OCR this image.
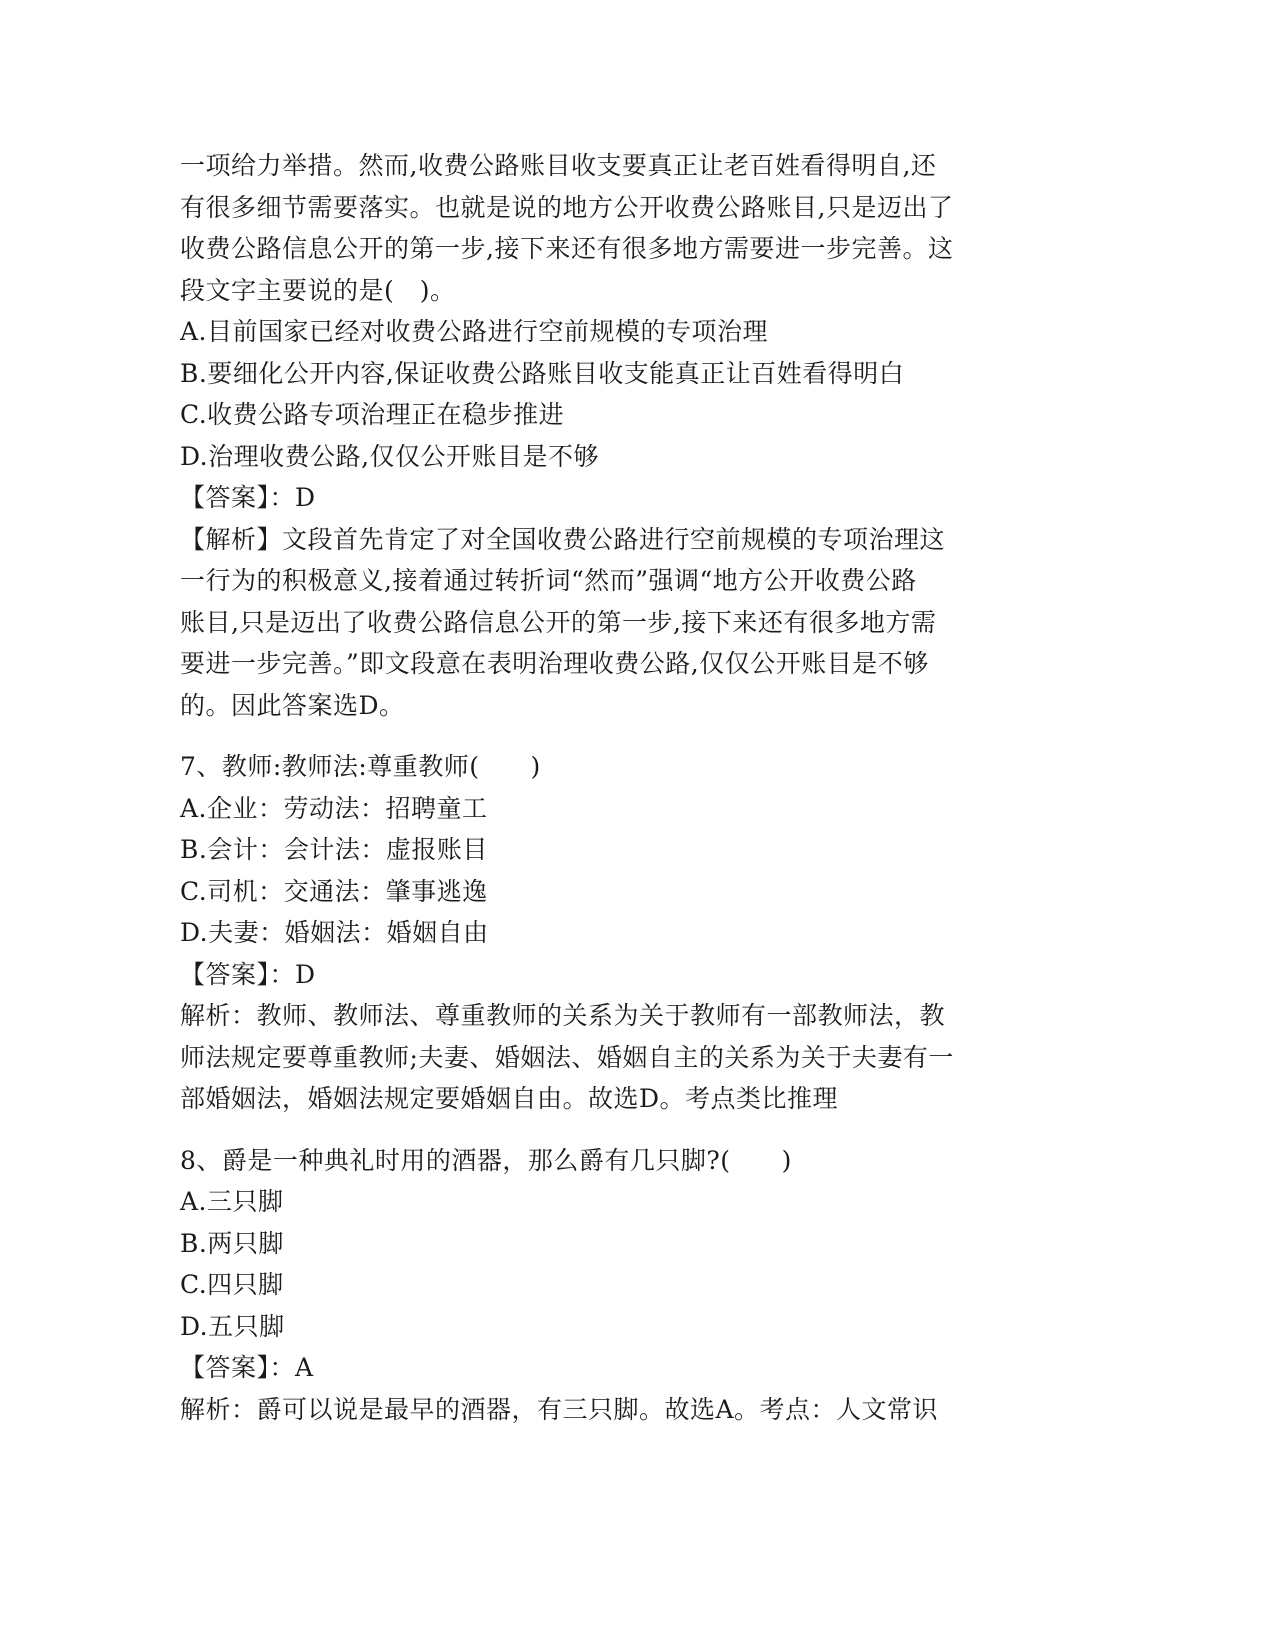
一项给力举措。然而,收费公路账目收支要真正让老百姓看得明自,还
有很多细节需要落实。也就是说的地方公开收费公路账目,只是迈出了
收费公路信息公开的第一步,接下来还有很多地方需要进一步完善。这
段文字主要说的是(　)。
A.目前国家已经对收费公路进行空前规模的专项治理
B.要细化公开内容,保证收费公路账目收支能真正让百姓看得明白
C.收费公路专项治理正在稳步推进
D.治理收费公路,仅仅公开账目是不够
【答案】：D
【解析】文段首先肯定了对全国收费公路进行空前规模的专项治理这
一行为的积极意义,接着通过转折词“然而”强调“地方公开收费公路
账目,只是迈出了收费公路信息公开的第一步,接下来还有很多地方需
要进一步完善。”即文段意在表明治理收费公路,仅仅公开账目是不够
的。因此答案选D。
7、教师:教师法:尊重教师(　　)
A.企业：劳动法：招聘童工
B.会计：会计法：虚报账目
C.司机：交通法：肇事逃逸
D.夫妻：婚姻法：婚姻自由
【答案】：D
解析：教师、教师法、尊重教师的关系为关于教师有一部教师法，教
师法规定要尊重教师;夫妻、婚姻法、婚姻自主的关系为关于夫妻有一
部婚姻法，婚姻法规定要婚姻自由。故选D。考点类比推理
8、爵是一种典礼时用的酒器，那么爵有几只脚?(　　)
A.三只脚
B.两只脚
C.四只脚
D.五只脚
【答案】：A
解析：爵可以说是最早的酒器，有三只脚。故选A。考点：人文常识
